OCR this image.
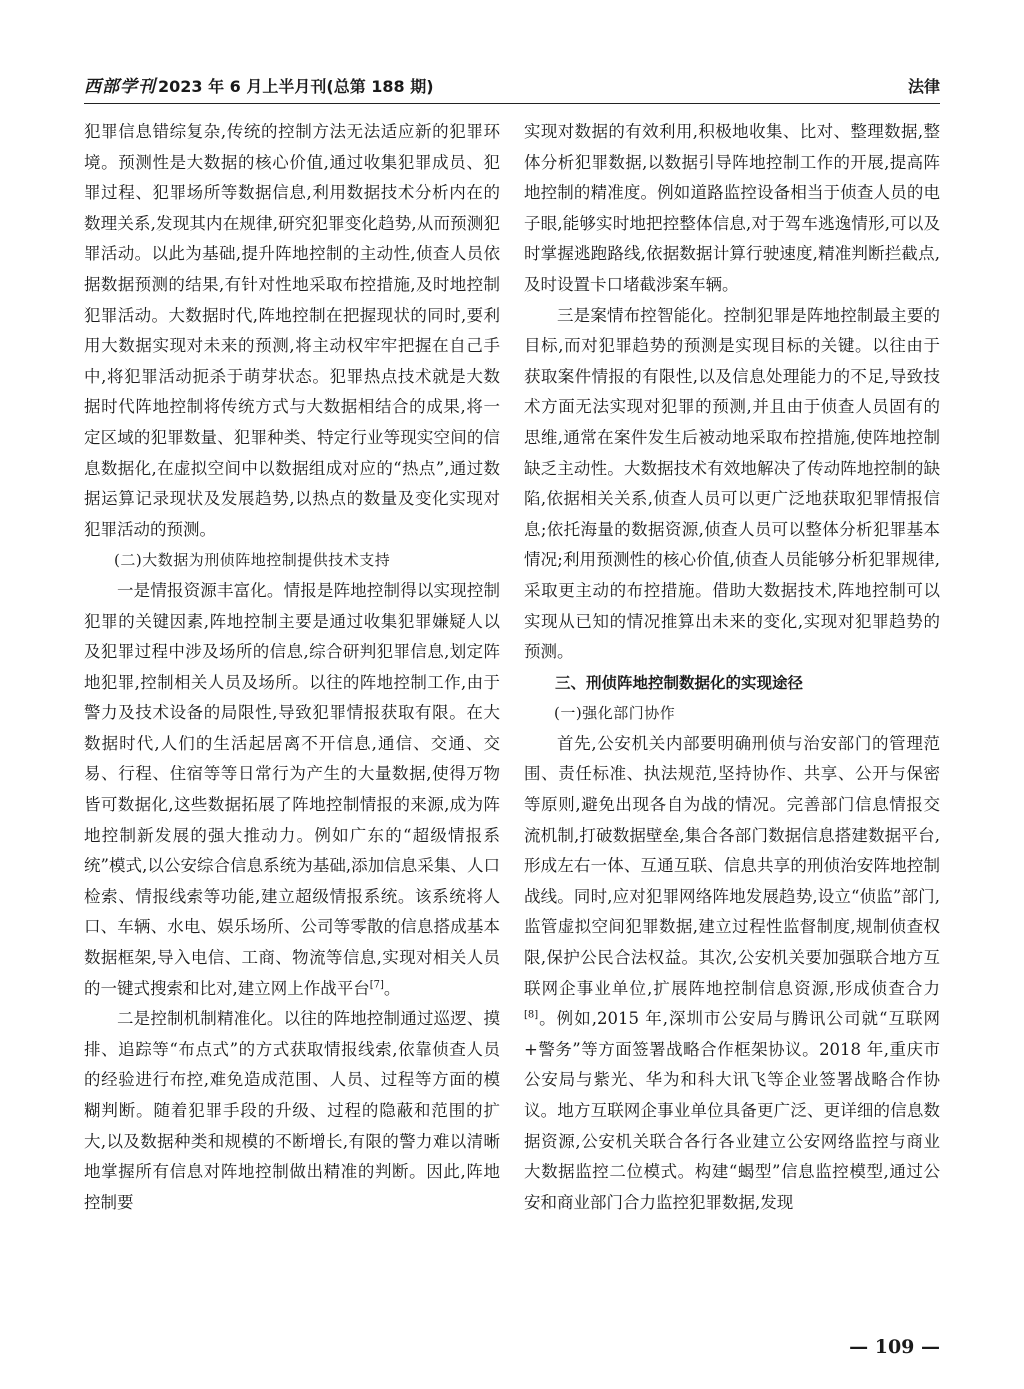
西部学刊 2023 年 6 月上半月刊(总第 188 期)	法律

犯罪信息错综复杂,传统的控制方法无法适应新的犯罪环境。预测性是大数据的核心价值,通过收集犯罪成员、犯罪过程、犯罪场所等数据信息,利用数据技术分析内在的数理关系,发现其内在规律,研究犯罪变化趋势,从而预测犯罪活动。以此为基础,提升阵地控制的主动性,侦查人员依据数据预测的结果,有针对性地采取布控措施,及时地控制犯罪活动。大数据时代,阵地控制在把握现状的同时,要利用大数据实现对未来的预测,将主动权牢牢把握在自己手中,将犯罪活动扼杀于萌芽状态。犯罪热点技术就是大数据时代阵地控制将传统方式与大数据相结合的成果,将一定区域的犯罪数量、犯罪种类、特定行业等现实空间的信息数据化,在虚拟空间中以数据组成对应的“热点”,通过数据运算记录现状及发展趋势,以热点的数量及变化实现对犯罪活动的预测。

(二)大数据为刑侦阵地控制提供技术支持

一是情报资源丰富化。情报是阵地控制得以实现控制犯罪的关键因素,阵地控制主要是通过收集犯罪嫌疑人以及犯罪过程中涉及场所的信息,综合研判犯罪信息,划定阵地犯罪,控制相关人员及场所。以往的阵地控制工作,由于警力及技术设备的局限性,导致犯罪情报获取有限。在大数据时代,人们的生活起居离不开信息,通信、交通、交易、行程、住宿等等日常行为产生的大量数据,使得万物皆可数据化,这些数据拓展了阵地控制情报的来源,成为阵地控制新发展的强大推动力。例如广东的“超级情报系统”模式,以公安综合信息系统为基础,添加信息采集、人口检索、情报线索等功能,建立超级情报系统。该系统将人口、车辆、水电、娱乐场所、公司等零散的信息搭成基本数据框架,导入电信、工商、物流等信息,实现对相关人员的一键式搜索和比对,建立网上作战平台[7]。

二是控制机制精准化。以往的阵地控制通过巡逻、摸排、追踪等“布点式”的方式获取情报线索,依靠侦查人员的经验进行布控,难免造成范围、人员、过程等方面的模糊判断。随着犯罪手段的升级、过程的隐蔽和范围的扩大,以及数据种类和规模的不断增长,有限的警力难以清晰地掌握所有信息对阵地控制做出精准的判断。因此,阵地控制要

实现对数据的有效利用,积极地收集、比对、整理数据,整体分析犯罪数据,以数据引导阵地控制工作的开展,提高阵地控制的精准度。例如道路监控设备相当于侦查人员的电子眼,能够实时地把控整体信息,对于驾车逃逸情形,可以及时掌握逃跑路线,依据数据计算行驶速度,精准判断拦截点,及时设置卡口堵截涉案车辆。

三是案情布控智能化。控制犯罪是阵地控制最主要的目标,而对犯罪趋势的预测是实现目标的关键。以往由于获取案件情报的有限性,以及信息处理能力的不足,导致技术方面无法实现对犯罪的预测,并且由于侦查人员固有的思维,通常在案件发生后被动地采取布控措施,使阵地控制缺乏主动性。大数据技术有效地解决了传动阵地控制的缺陷,依据相关关系,侦查人员可以更广泛地获取犯罪情报信息;依托海量的数据资源,侦查人员可以整体分析犯罪基本情况;利用预测性的核心价值,侦查人员能够分析犯罪规律,采取更主动的布控措施。借助大数据技术,阵地控制可以实现从已知的情况推算出未来的变化,实现对犯罪趋势的预测。

三、刑侦阵地控制数据化的实现途径

(一)强化部门协作

首先,公安机关内部要明确刑侦与治安部门的管理范围、责任标准、执法规范,坚持协作、共享、公开与保密等原则,避免出现各自为战的情况。完善部门信息情报交流机制,打破数据壁垒,集合各部门数据信息搭建数据平台,形成左右一体、互通互联、信息共享的刑侦治安阵地控制战线。同时,应对犯罪网络阵地发展趋势,设立“侦监”部门,监管虚拟空间犯罪数据,建立过程性监督制度,规制侦查权限,保护公民合法权益。其次,公安机关要加强联合地方互联网企事业单位,扩展阵地控制信息资源,形成侦查合力[8]。例如,2015 年,深圳市公安局与腾讯公司就“互联网+警务”等方面签署战略合作框架协议。2018 年,重庆市公安局与紫光、华为和科大讯飞等企业签署战略合作协议。地方互联网企事业单位具备更广泛、更详细的信息数据资源,公安机关联合各行各业建立公安网络监控与商业大数据监控二位模式。构建“蝎型”信息监控模型,通过公安和商业部门合力监控犯罪数据,发现

— 109 —
